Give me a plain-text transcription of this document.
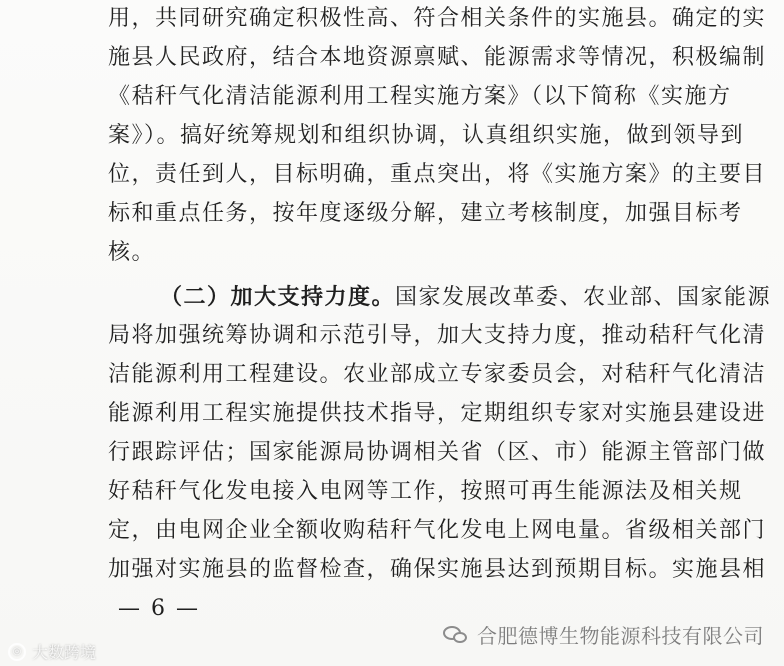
用，共同研究确定积极性高、符合相关条件的实施县。确定的实
施县人民政府，结合本地资源禀赋、能源需求等情况，积极编制
《秸秆气化清洁能源利用工程实施方案》（以下简称《实施方
案》）。搞好统筹规划和组织协调，认真组织实施，做到领导到
位，责任到人，目标明确，重点突出，将《实施方案》的主要目
标和重点任务，按年度逐级分解，建立考核制度，加强目标考
核。
（二）加大支持力度。国家发展改革委、农业部、国家能源
局将加强统筹协调和示范引导，加大支持力度，推动秸秆气化清
洁能源利用工程建设。农业部成立专家委员会，对秸秆气化清洁
能源利用工程实施提供技术指导，定期组织专家对实施县建设进
行跟踪评估；国家能源局协调相关省（区、市）能源主管部门做
好秸秆气化发电接入电网等工作，按照可再生能源法及相关规
定，由电网企业全额收购秸秆气化发电上网电量。省级相关部门
加强对实施县的监督检查，确保实施县达到预期目标。实施县相
— 6 —
◎ 大数跨境
合肥德博生物能源科技有限公司
